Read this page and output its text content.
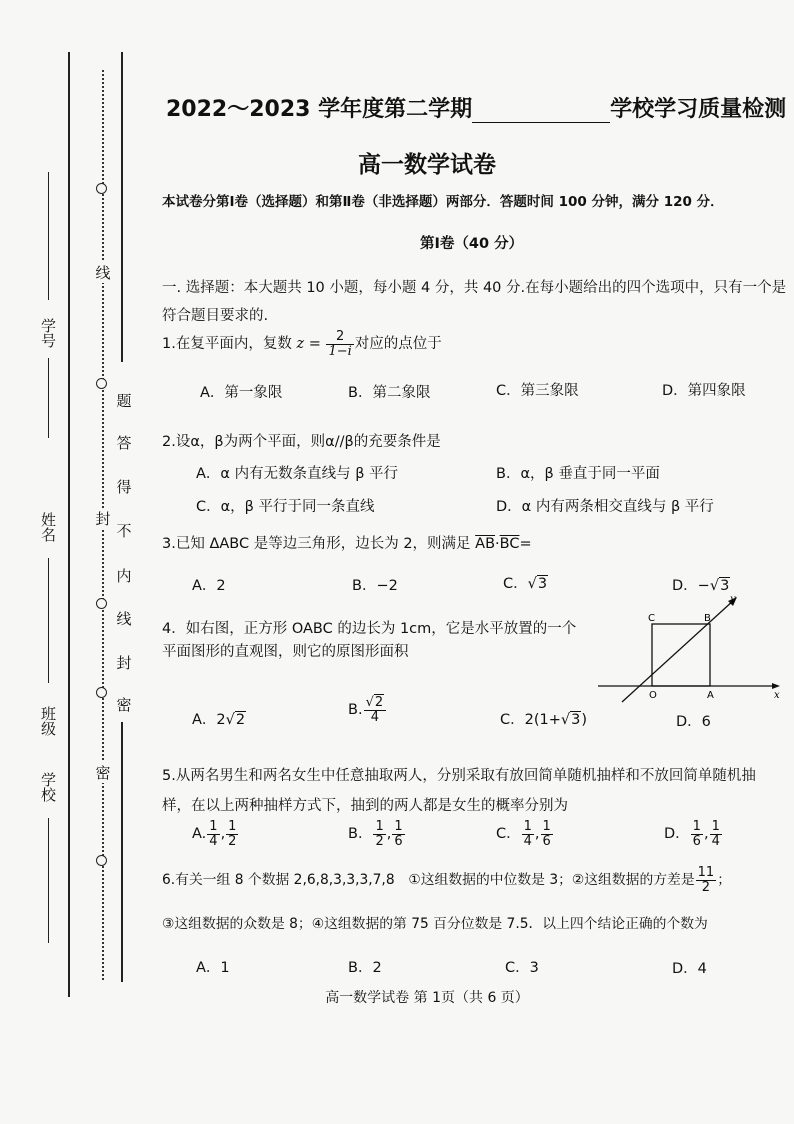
学号
姓名
班级
学校
线
封
密
题
答
得
不
内
线
封
密
2022～2023 学年度第二学期	学校学习质量检测
高一数学试卷
本试卷分第Ⅰ卷（选择题）和第Ⅱ卷（非选择题）两部分．答题时间 100 分钟，满分 120 分．
第Ⅰ卷（40 分）
一. 选择题：本大题共 10 小题，每小题 4 分，共 40 分.在每小题给出的四个选项中，只有一个是
符合题目要求的.
1.在复平面内，复数 $z = \frac{2}{1-i}$ 对应的点位于
A．第一象限	B．第二象限	C．第三象限	D．第四象限
2.设α，β为两个平面，则α//β的充要条件是
A．α 内有无数条直线与 β 平行	B．α，β 垂直于同一平面
C．α，β 平行于同一条直线	D．α 内有两条相交直线与 β 平行
3.已知 ΔABC 是等边三角形，边长为 2，则满足 $\overline{AB}\cdot\overline{BC}=$
A．2	B．−2	C．√3	D．−√3
4．如右图，正方形 OABC 的边长为 1cm，它是水平放置的一个
平面图形的直观图，则它的原图形面积
C	B
O	A	x
y
A．2√2
B. $\frac{√2}{4}$	C．2(1+√3)	D．6
5.从两名男生和两名女生中任意抽取两人，分别采取有放回简单随机抽样和不放回简单随机抽
样，在以上两种抽样方式下，抽到的两人都是女生的概率分别为
A. $\frac{1}{4}$ , $\frac{1}{2}$	B． $\frac{1}{2}$ , $\frac{1}{6}$	C． $\frac{1}{4}$ , $\frac{1}{6}$	D． $\frac{1}{6}$ , $\frac{1}{4}$
6.有关一组 8 个数据 2,6,8,3,3,3,7,8　①这组数据的中位数是 3；②这组数据的方差是 $\frac{11}{2}$ ；
③这组数据的众数是 8；④这组数据的第 75 百分位数是 7.5．以上四个结论正确的个数为
A．1	B．2	C．3	D．4
高一数学试卷 第 1页（共 6 页）
